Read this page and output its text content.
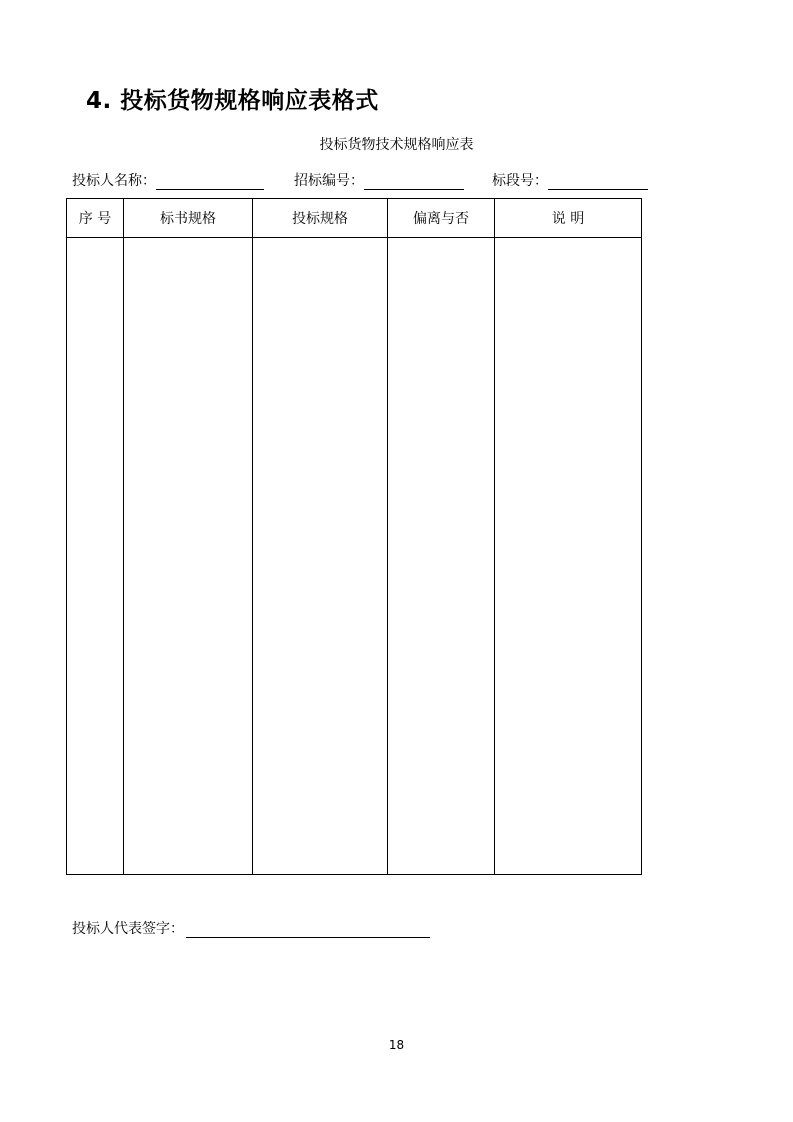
4. 投标货物规格响应表格式
投标货物技术规格响应表
投标人名称：	招标编号：	标段号：
序 号	标书规格	投标规格	偏离与否	说 明

投标人代表签字：
18
